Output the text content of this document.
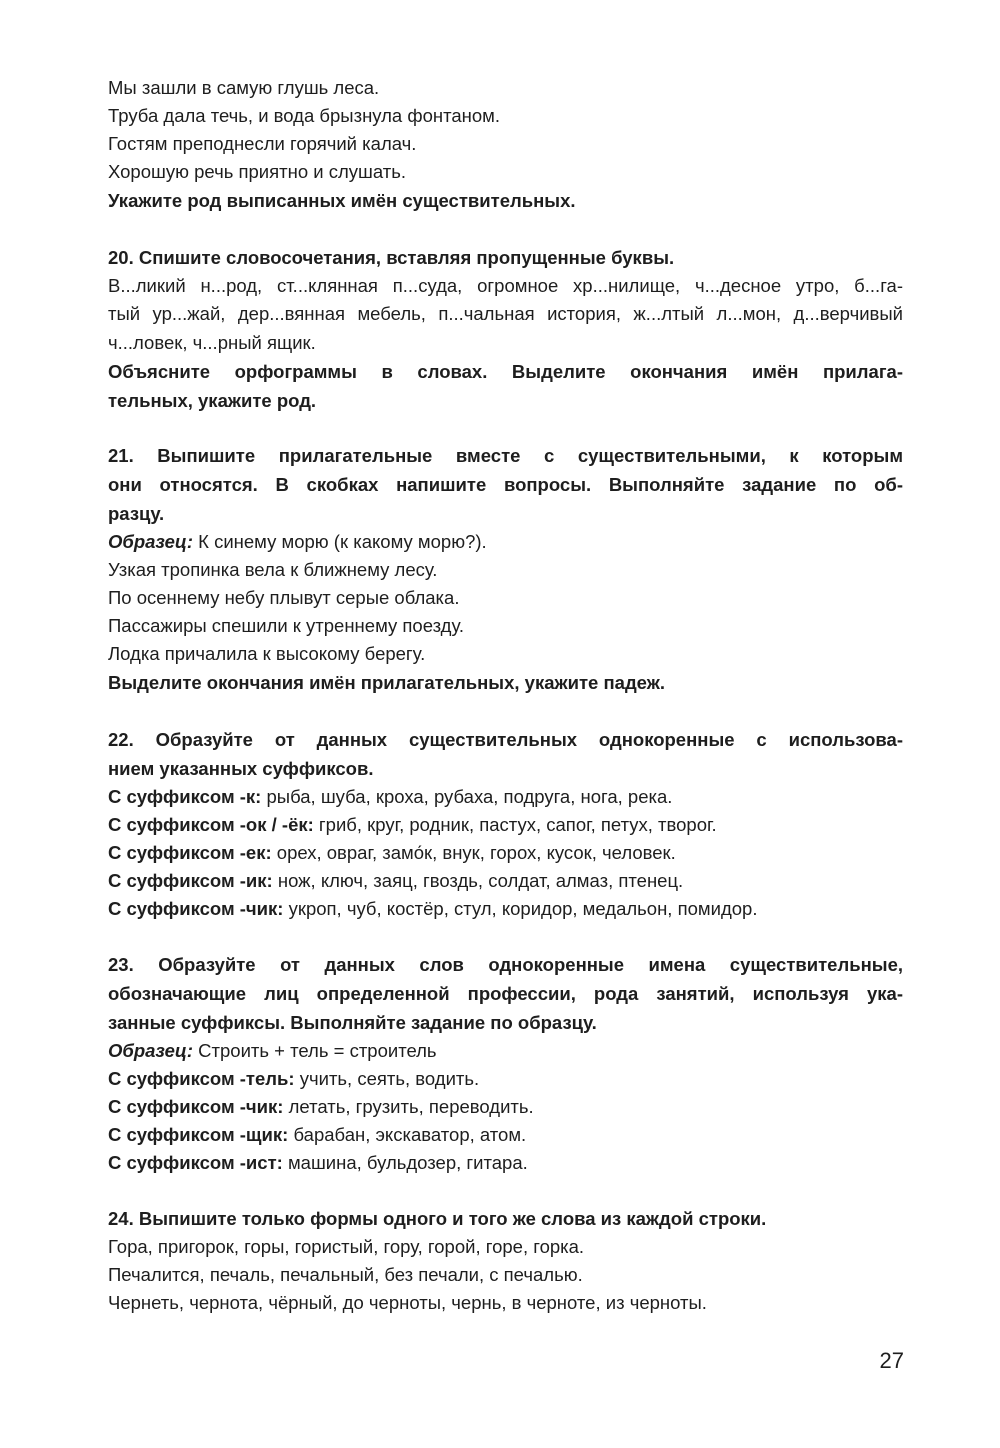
Мы зашли в самую глушь леса.

Труба дала течь, и вода брызнула фонтаном.

Гостям преподнесли горячий калач.

Хорошую речь приятно и слушать.

Укажите род выписанных имён существительных.

20. Спишите словосочетания, вставляя пропущенные буквы.

В...ликий н...род, ст...клянная п...суда, огромное хр...нилище, ч...десное утро, б...га-

тый ур...жай, дер...вянная мебель, п...чальная история, ж...лтый л...мон, д...верчивый

ч...ловек, ч...рный ящик.

Объясните орфограммы в словах. Выделите окончания имён прилага-

тельных, укажите род.

21. Выпишите прилагательные вместе с существительными, к которым

они относятся. В скобках напишите вопросы. Выполняйте задание по об-

разцу.

Образец: К синему морю (к какому морю?).

Узкая тропинка вела к ближнему лесу.

По осеннему небу плывут серые облака.

Пассажиры спешили к утреннему поезду.

Лодка причалила к высокому берегу.

Выделите окончания имён прилагательных, укажите падеж.

22. Образуйте от данных существительных однокоренные с использова-

нием указанных суффиксов.

С суффиксом -к: рыба, шуба, кроха, рубаха, подруга, нога, река.

С суффиксом -ок / -ёк: гриб, круг, родник, пастух, сапог, петух, творог.

С суффиксом -ек: орех, овраг, замо́к, внук, горох, кусок, человек.

С суффиксом -ик: нож, ключ, заяц, гвоздь, солдат, алмаз, птенец.

С суффиксом -чик: укроп, чуб, костёр, стул, коридор, медальон, помидор.

23. Образуйте от данных слов однокоренные имена существительные,

обозначающие лиц определенной профессии, рода занятий, используя ука-

занные суффиксы. Выполняйте задание по образцу.

Образец: Строить + тель = строитель

С суффиксом -тель: учить, сеять, водить.

С суффиксом -чик: летать, грузить, переводить.

С суффиксом -щик: барабан, экскаватор, атом.

С суффиксом -ист: машина, бульдозер, гитара.

24. Выпишите только формы одного и того же слова из каждой строки.

Гора, пригорок, горы, гористый, гору, горой, горе, горка.

Печалится, печаль, печальный, без печали, с печалью.

Чернеть, чернота, чёрный, до черноты, чернь, в черноте, из черноты.

27
